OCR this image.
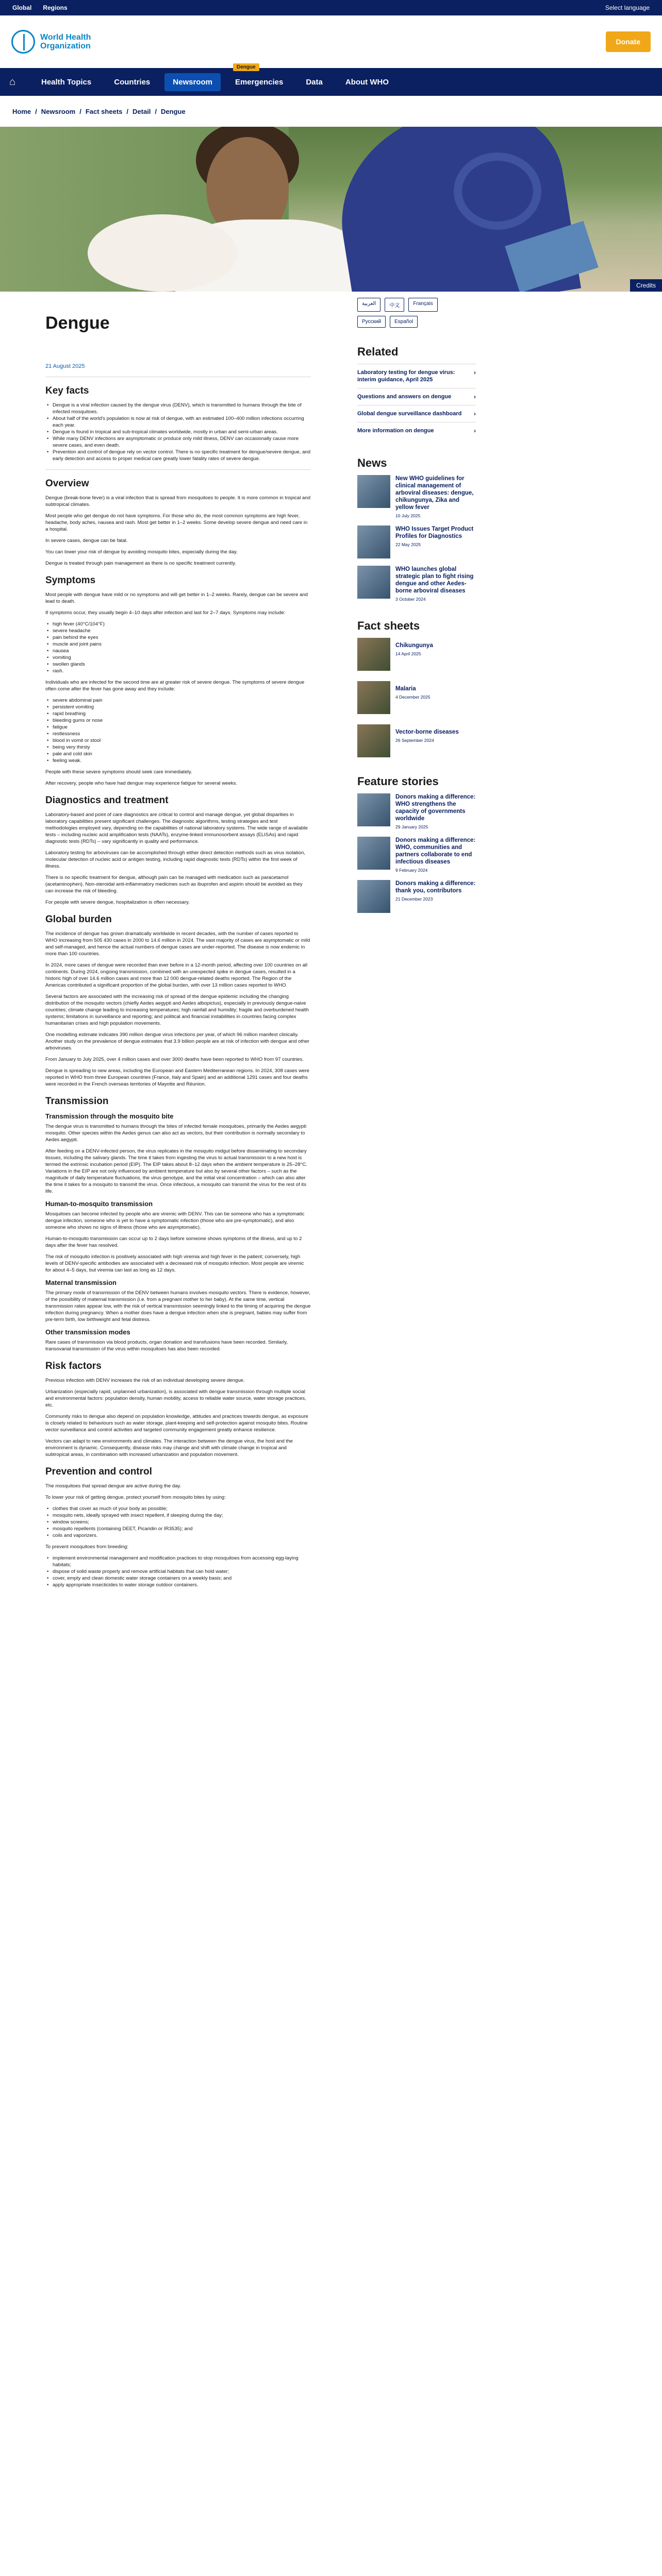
Global Regions	Select language
World Health
Organization	Donate
⌂	Health Topics	Countries	Newsroom	Emergencies	Data	About WHO
Dengue
Home / Newsroom / Fact sheets / Detail / Dengue
Credits
Dengue
21 August 2025
Key facts
• Dengue is a viral infection caused by the dengue virus (DENV), which is transmitted to humans through the bite of infected mosquitoes.
• About half of the world's population is now at risk of dengue, with an estimated 100–400 million infections occurring each year.
• Dengue is found in tropical and sub-tropical climates worldwide, mostly in urban and semi-urban areas.
• While many DENV infections are asymptomatic or produce only mild illness, DENV can occasionally cause more severe cases, and even death.
• Prevention and control of dengue rely on vector control. There is no specific treatment for dengue/severe dengue, and early detection and access to proper medical care greatly lower fatality rates of severe dengue.
Overview

Dengue (break-bone fever) is a viral infection that is spread from mosquitoes to people. It is more common in tropical and subtropical climates.

Most people who get dengue do not have symptoms. For those who do, the most common symptoms are high fever, headache, body aches, nausea and rash. Most get better in 1–2 weeks. Some develop severe dengue and need care in a hospital.

In severe cases, dengue can be fatal.

You can lower your risk of dengue by avoiding mosquito bites, especially during the day.

Dengue is treated through pain management as there is no specific treatment currently.

Symptoms

Most people with dengue have mild or no symptoms and will get better in 1–2 weeks. Rarely, dengue can be severe and lead to death.

If symptoms occur, they usually begin 4–10 days after infection and last for 2–7 days. Symptoms may include:

• high fever (40°C/104°F)
• severe headache
• pain behind the eyes
• muscle and joint pains
• nausea
• vomiting
• swollen glands
• rash.

Individuals who are infected for the second time are at greater risk of severe dengue. The symptoms of severe dengue often come after the fever has gone away and they include:

• severe abdominal pain
• persistent vomiting
• rapid breathing
• bleeding gums or nose
• fatigue
• restlessness
• blood in vomit or stool
• being very thirsty
• pale and cold skin
• feeling weak.

People with these severe symptoms should seek care immediately.

After recovery, people who have had dengue may experience fatigue for several weeks.

Diagnostics and treatment

Laboratory-based and point of care diagnostics are critical to control and manage dengue, yet global disparities in laboratory capabilities present significant challenges. The diagnostic algorithms, testing strategies and test methodologies employed vary, depending on the capabilities of national laboratory systems. The wide range of available tests – including nucleic acid amplification tests (NAATs), enzyme-linked immunosorbent assays (ELISAs) and rapid diagnostic tests (RDTs) – vary significantly in quality and performance.

Laboratory testing for arboviruses can be accomplished through either direct detection methods such as virus isolation, molecular detection of nucleic acid or antigen testing, including rapid diagnostic tests (RDTs) within the first week of illness.

There is no specific treatment for dengue, although pain can be managed with medication such as paracetamol (acetaminophen). Non-steroidal anti-inflammatory medicines such as ibuprofen and aspirin should be avoided as they can increase the risk of bleeding.

For people with severe dengue, hospitalization is often necessary.

Global burden

The incidence of dengue has grown dramatically worldwide in recent decades, with the number of cases reported to WHO increasing from 505 430 cases in 2000 to 14.6 million in 2024. The vast majority of cases are asymptomatic or mild and self-managed, and hence the actual numbers of dengue cases are under-reported. The disease is now endemic in more than 100 countries.

In 2024, more cases of dengue were recorded than ever before in a 12-month period, affecting over 100 countries on all continents. During 2024, ongoing transmission, combined with an unexpected spike in dengue cases, resulted in a historic high of over 14.6 million cases and more than 12 000 dengue-related deaths reported. The Region of the Americas contributed a significant proportion of the global burden, with over 13 million cases reported to WHO.

Several factors are associated with the increasing risk of spread of the dengue epidemic including the changing distribution of the mosquito vectors (chiefly Aedes aegypti and Aedes albopictus), especially in previously dengue-naive countries; climate change leading to increasing temperatures; high rainfall and humidity; fragile and overburdened health systems; limitations in surveillance and reporting; and political and financial instabilities in countries facing complex humanitarian crises and high population movements.

One modelling estimate indicates 390 million dengue virus infections per year, of which 96 million manifest clinically. Another study on the prevalence of dengue estimates that 3.9 billion people are at risk of infection with dengue and other arboviruses.

From January to July 2025, over 4 million cases and over 3000 deaths have been reported to WHO from 97 countries.

Dengue is spreading to new areas, including the European and Eastern Mediterranean regions. In 2024, 308 cases were reported in WHO from three European countries (France, Italy and Spain) and an additional 1291 cases and four deaths were recorded in the French overseas territories of Mayotte and Réunion.

Transmission
Transmission through the mosquito bite

The dengue virus is transmitted to humans through the bites of infected female mosquitoes, primarily the Aedes aegypti mosquito. Other species within the Aedes genus can also act as vectors, but their contribution is normally secondary to Aedes aegypti.

After feeding on a DENV-infected person, the virus replicates in the mosquito midgut before disseminating to secondary tissues, including the salivary glands. The time it takes from ingesting the virus to actual transmission to a new host is termed the extrinsic incubation period (EIP). The EIP takes about 8–12 days when the ambient temperature is 25–28°C. Variations in the EIP are not only influenced by ambient temperature but also by several other factors – such as the magnitude of daily temperature fluctuations, the virus genotype, and the initial viral concentration – which can also alter the time it takes for a mosquito to transmit the virus. Once infectious, a mosquito can transmit the virus for the rest of its life.

Human-to-mosquito transmission

Mosquitoes can become infected by people who are viremic with DENV. This can be someone who has a symptomatic dengue infection, someone who is yet to have a symptomatic infection (those who are pre-symptomatic), and also someone who shows no signs of illness (those who are asymptomatic).

Human-to-mosquito transmission can occur up to 2 days before someone shows symptoms of the illness, and up to 2 days after the fever has resolved.

The risk of mosquito infection is positively associated with high viremia and high fever in the patient; conversely, high levels of DENV-specific antibodies are associated with a decreased risk of mosquito infection. Most people are viremic for about 4–5 days, but viremia can last as long as 12 days.

Maternal transmission

The primary mode of transmission of the DENV between humans involves mosquito vectors. There is evidence, however, of the possibility of maternal transmission (i.e. from a pregnant mother to her baby). At the same time, vertical transmission rates appear low, with the risk of vertical transmission seemingly linked to the timing of acquiring the dengue infection during pregnancy. When a mother does have a dengue infection when she is pregnant, babies may suffer from pre-term birth, low birthweight and fetal distress.

Other transmission modes

Rare cases of transmission via blood products, organ donation and transfusions have been recorded. Similarly, transovarial transmission of the virus within mosquitoes has also been recorded.

Risk factors

Previous infection with DENV increases the risk of an individual developing severe dengue.

Urbanization (especially rapid, unplanned urbanization), is associated with dengue transmission through multiple social and environmental factors: population density, human mobility, access to reliable water source, water storage practices, etc.

Community risks to dengue also depend on population knowledge, attitudes and practices towards dengue, as exposure is closely related to behaviours such as water storage, plant-keeping and self-protection against mosquito bites. Routine vector surveillance and control activities and targeted community engagement greatly enhance resilience.

Vectors can adapt to new environments and climates. The interaction between the dengue virus, the host and the environment is dynamic. Consequently, disease risks may change and shift with climate change in tropical and subtropical areas, in combination with increased urbanization and population movement.

Prevention and control

The mosquitoes that spread dengue are active during the day.

To lower your risk of getting dengue, protect yourself from mosquito bites by using:

• clothes that cover as much of your body as possible;
• mosquito nets, ideally sprayed with insect repellent, if sleeping during the day;
• window screens;
• mosquito repellents (containing DEET, Picaridin or IR3535); and
• coils and vaporizers.

To prevent mosquitoes from breeding:

• implement environmental management and modification practices to stop mosquitoes from accessing egg-laying habitats;
• dispose of solid waste properly and remove artificial habitats that can hold water;
• cover, empty and clean domestic water storage containers on a weekly basis; and
• apply appropriate insecticides to water storage outdoor containers.
العربية	中文	Français
Русский	Español
Related
Laboratory testing for dengue virus: interim guidance, April 2025
›
Questions and answers on dengue	›
Global dengue surveillance dashboard ›
More information on dengue	›
News
New WHO guidelines for clinical management of arboviral diseases: dengue, chikungunya, Zika and yellow fever
10 July 2025
WHO Issues Target Product Profiles for Diagnostics
22 May 2025
WHO launches global strategic plan to fight rising dengue and other Aedes-borne arboviral diseases
3 October 2024
Fact sheets
Chikungunya
14 April 2025
Malaria
4 December 2025
Vector-borne diseases
26 September 2024
Feature stories
Donors making a difference: WHO strengthens the capacity of governments worldwide
29 January 2025
Donors making a difference: WHO, communities and partners collaborate to end infectious diseases
9 February 2024
Donors making a difference: thank you, contributors
21 December 2023
